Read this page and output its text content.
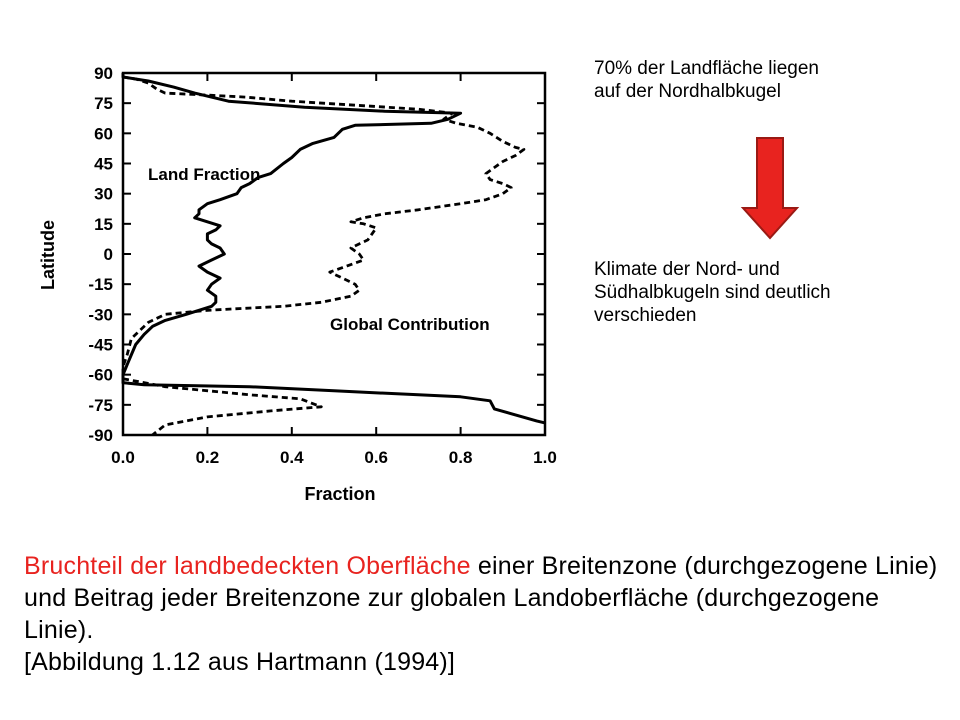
90
75
60
45
30
15
0
-15
-30
-45
-60
-75
-90
0.0	0.2	0.4	0.6	0.8	1.0
Land Fraction
Global Contribution
Fraction
Latitude
70% der Landfläche liegen
auf der Nordhalbkugel
Klimate der Nord- und
Südhalbkugeln sind deutlich
verschieden
Bruchteil der landbedeckten Oberfläche einer Breitenzone (durchgezogene Linie) und Beitrag jeder Breitenzone zur globalen Landoberfläche (durchgezogene Linie).
[Abbildung 1.12 aus Hartmann (1994)]
